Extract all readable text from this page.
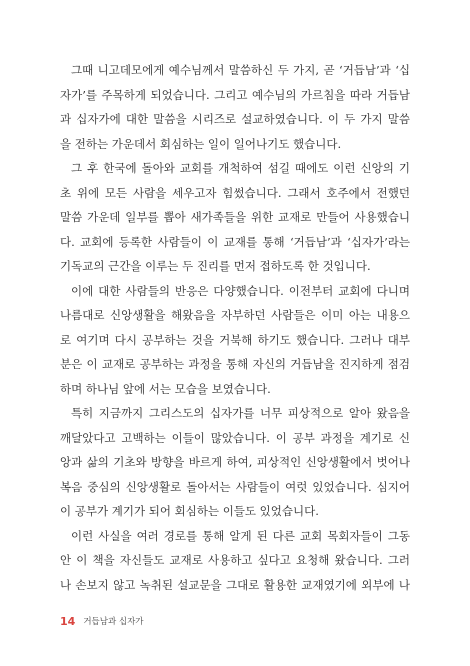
그때 니고데모에게 예수님께서 말씀하신 두 가지, 곧 ‘거듭남’과 ‘십
자가’를 주목하게 되었습니다. 그리고 예수님의 가르침을 따라 거듭남
과 십자가에 대한 말씀을 시리즈로 설교하였습니다. 이 두 가지 말씀
을 전하는 가운데서 회심하는 일이 일어나기도 했습니다.
그 후 한국에 돌아와 교회를 개척하여 섬길 때에도 이런 신앙의 기
초 위에 모든 사람을 세우고자 힘썼습니다. 그래서 호주에서 전했던
말씀 가운데 일부를 뽑아 새가족들을 위한 교재로 만들어 사용했습니
다. 교회에 등록한 사람들이 이 교재를 통해 ‘거듭남’과 ‘십자가’라는
기독교의 근간을 이루는 두 진리를 먼저 접하도록 한 것입니다.
이에 대한 사람들의 반응은 다양했습니다. 이전부터 교회에 다니며
나름대로 신앙생활을 해왔음을 자부하던 사람들은 이미 아는 내용으
로 여기며 다시 공부하는 것을 거북해 하기도 했습니다. 그러나 대부
분은 이 교재로 공부하는 과정을 통해 자신의 거듭남을 진지하게 점검
하며 하나님 앞에 서는 모습을 보였습니다.
특히 지금까지 그리스도의 십자가를 너무 피상적으로 알아 왔음을
깨달았다고 고백하는 이들이 많았습니다. 이 공부 과정을 계기로 신
앙과 삶의 기초와 방향을 바르게 하여, 피상적인 신앙생활에서 벗어나
복음 중심의 신앙생활로 돌아서는 사람들이 여럿 있었습니다. 심지어
이 공부가 계기가 되어 회심하는 이들도 있었습니다.
이런 사실을 여러 경로를 통해 알게 된 다른 교회 목회자들이 그동
안 이 책을 자신들도 교재로 사용하고 싶다고 요청해 왔습니다. 그러
나 손보지 않고 녹취된 설교문을 그대로 활용한 교재였기에 외부에 나
14 거듭남과 십자가
